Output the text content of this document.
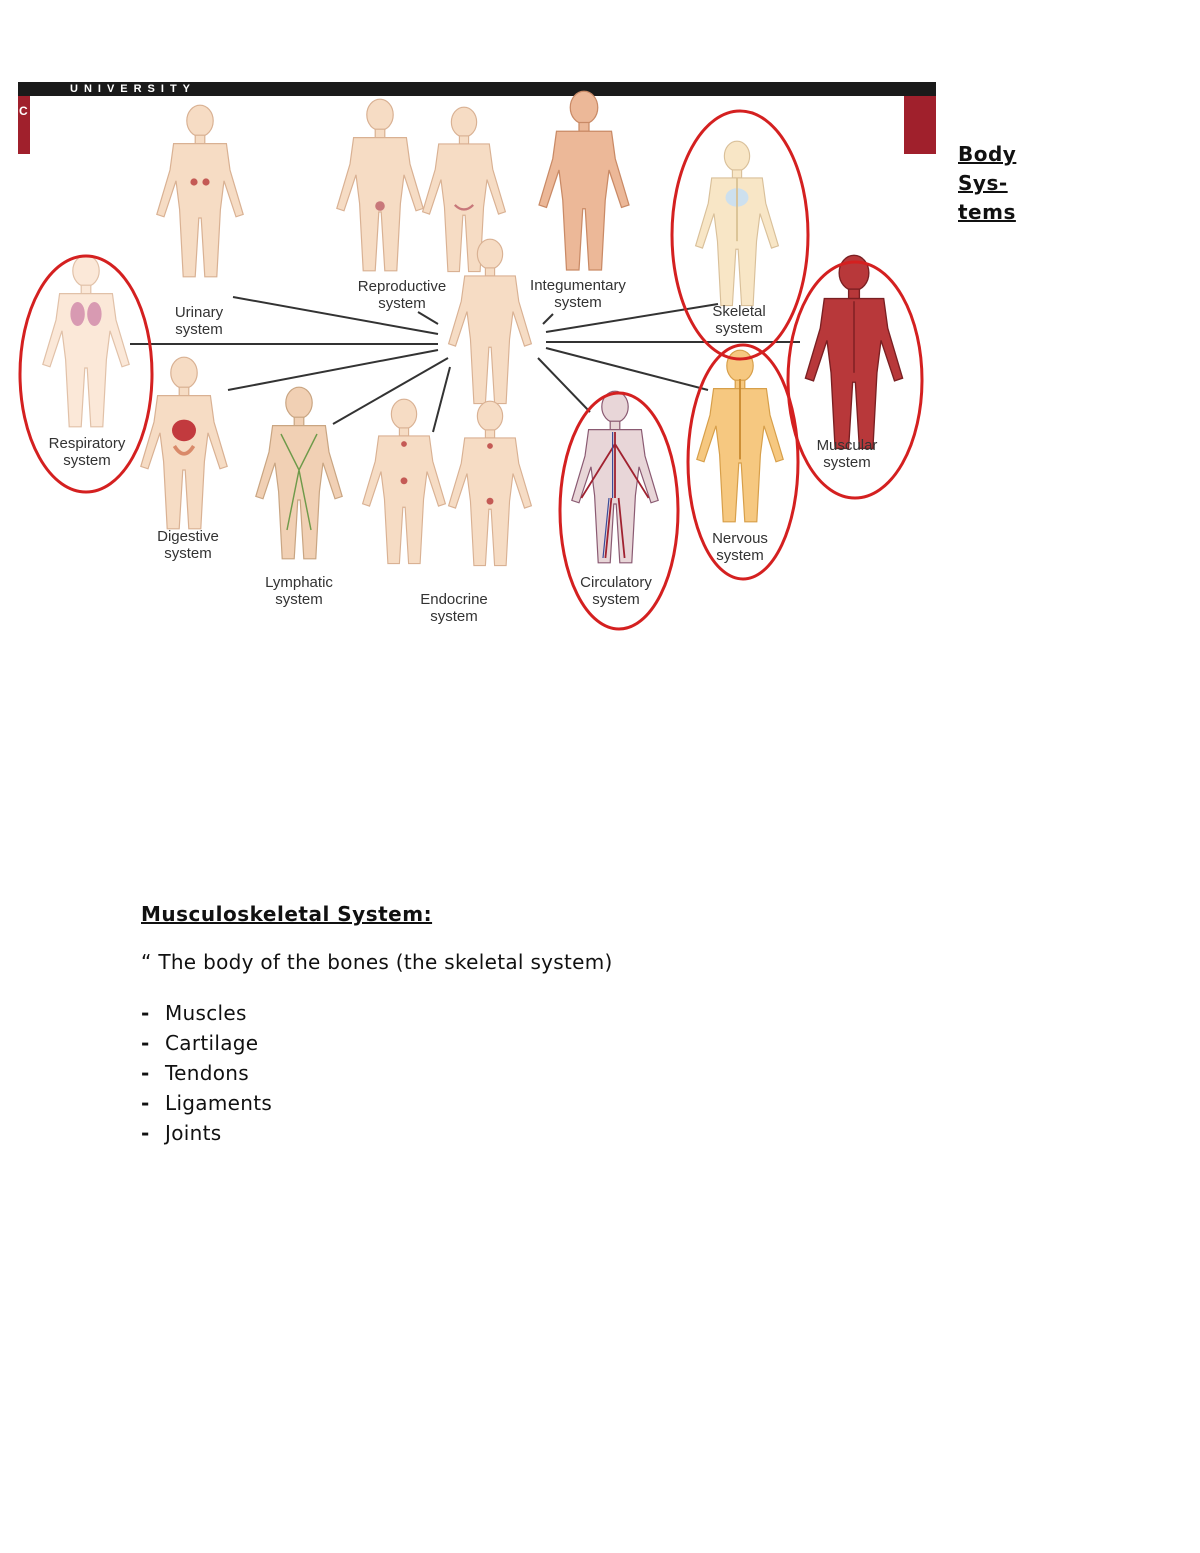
UNIVERSITY
C
Urinary system
Reproductive system
Integumentary system
Skeletal system
Respiratory system
Muscular system
Digestive system
Lymphatic system	Endocrine system
Circulatory system
Nervous system
Body
Sys-
tems
Musculoskeletal System:
“ The body of the bones (the skeletal system)
- Muscles
- Cartilage
- Tendons
- Ligaments
- Joints
